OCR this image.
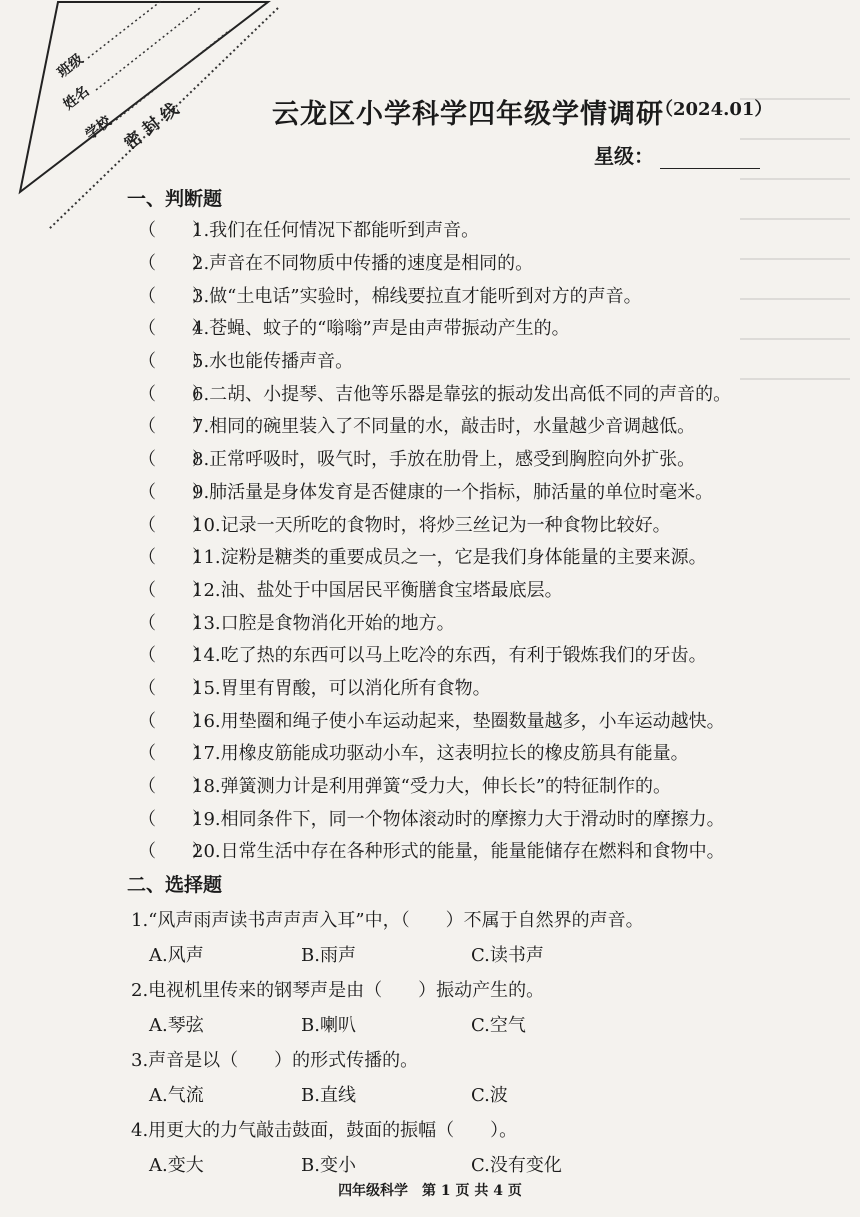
班级
姓名
学校 密 封 线	云龙区小学科学四年级学情调研
（2024.01）
星级：
一、判断题
（　　）
1.我们在任何情况下都能听到声音。
（　　）
2.声音在不同物质中传播的速度是相同的。
（　　）
3.做“土电话”实验时，棉线要拉直才能听到对方的声音。
（　　）
4.苍蝇、蚊子的“嗡嗡”声是由声带振动产生的。
（　　）
5.水也能传播声音。
（　　）
6.二胡、小提琴、吉他等乐器是靠弦的振动发出高低不同的声音的。
（　　）
7.相同的碗里装入了不同量的水，敲击时，水量越少音调越低。
（　　）
8.正常呼吸时，吸气时，手放在肋骨上，感受到胸腔向外扩张。
（　　）
9.肺活量是身体发育是否健康的一个指标，肺活量的单位时毫米。
（　　）
10.记录一天所吃的食物时，将炒三丝记为一种食物比较好。
（　　）
11.淀粉是糖类的重要成员之一，它是我们身体能量的主要来源。
（　　）
12.油、盐处于中国居民平衡膳食宝塔最底层。
（　　）
13.口腔是食物消化开始的地方。
（　　）
14.吃了热的东西可以马上吃冷的东西，有利于锻炼我们的牙齿。
（　　）
15.胃里有胃酸，可以消化所有食物。
（　　）
16.用垫圈和绳子使小车运动起来，垫圈数量越多，小车运动越快。
（　　）
17.用橡皮筋能成功驱动小车，这表明拉长的橡皮筋具有能量。
（　　）
18.弹簧测力计是利用弹簧“受力大，伸长长”的特征制作的。
（　　）
19.相同条件下，同一个物体滚动时的摩擦力大于滑动时的摩擦力。
（　　）
20.日常生活中存在各种形式的能量，能量能储存在燃料和食物中。
二、选择题
1.“风声雨声读书声声声入耳”中，（　　）不属于自然界的声音。
A.风声	B.雨声	C.读书声
2.电视机里传来的钢琴声是由（　　）振动产生的。
A.琴弦	B.喇叭	C.空气
3.声音是以（　　）的形式传播的。
A.气流	B.直线	C.波
4.用更大的力气敲击鼓面，鼓面的振幅（　　）。
A.变大	B.变小	C.没有变化
四年级科学　第 1 页 共 4 页
